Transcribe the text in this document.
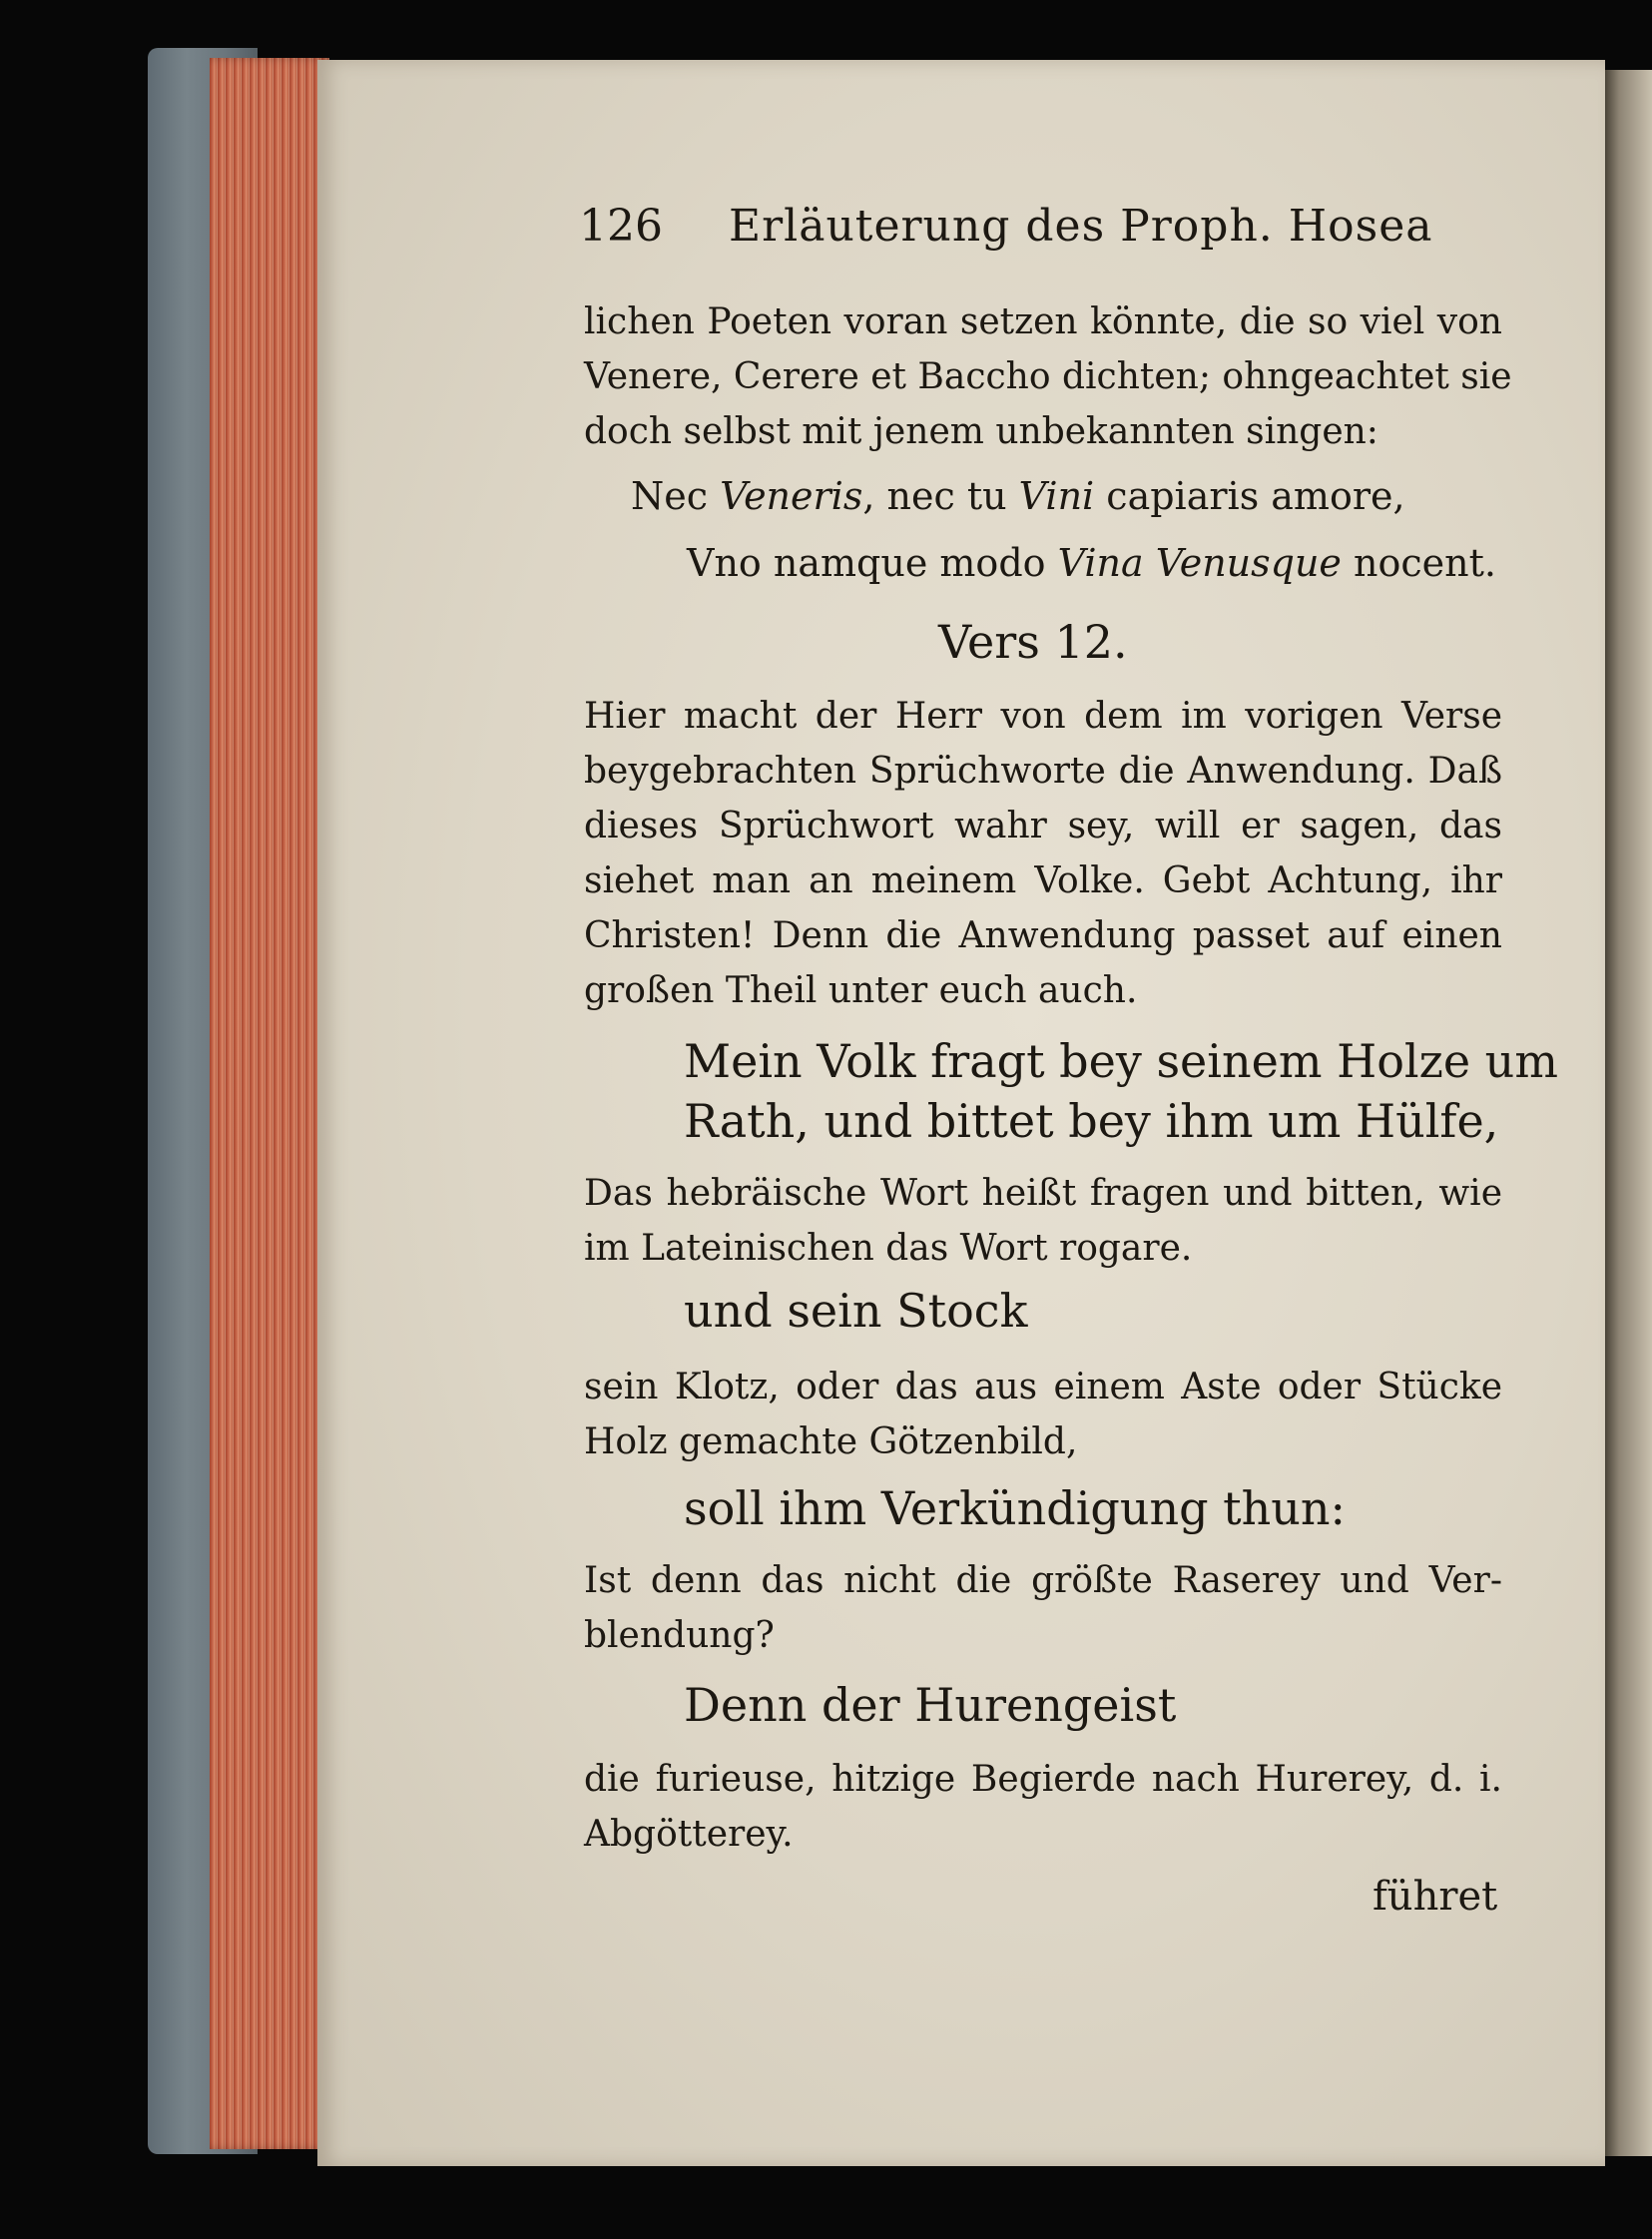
126 Erläuterung des Proph. Hosea
lichen Poeten voran setzen könnte, die so viel von
Venere, Cerere et Baccho dichten; ohngeachtet sie
doch selbst mit jenem unbekannten singen:
Nec Veneris, nec tu Vini capiaris amore,
Vno namque modo Vina Venusque nocent.
Vers 12.
Hier macht der Herr von dem im vorigen Verse
beygebrachten Sprüchworte die Anwendung. Daß
dieses Sprüchwort wahr sey, will er sagen, das
siehet man an meinem Volke. Gebt Achtung, ihr
Christen! Denn die Anwendung passet auf einen
großen Theil unter euch auch.
Mein Volk fragt bey seinem Holze um
Rath, und bittet bey ihm um Hülfe,
Das hebräische Wort heißt fragen und bitten, wie
im Lateinischen das Wort rogare.
und sein Stock
sein Klotz, oder das aus einem Aste oder Stücke
Holz gemachte Götzenbild,
soll ihm Verkündigung thun:
Ist denn das nicht die größte Raserey und Ver-
blendung?
Denn der Hurengeist
die furieuse, hitzige Begierde nach Hurerey, d. i.
Abgötterey.
führet
